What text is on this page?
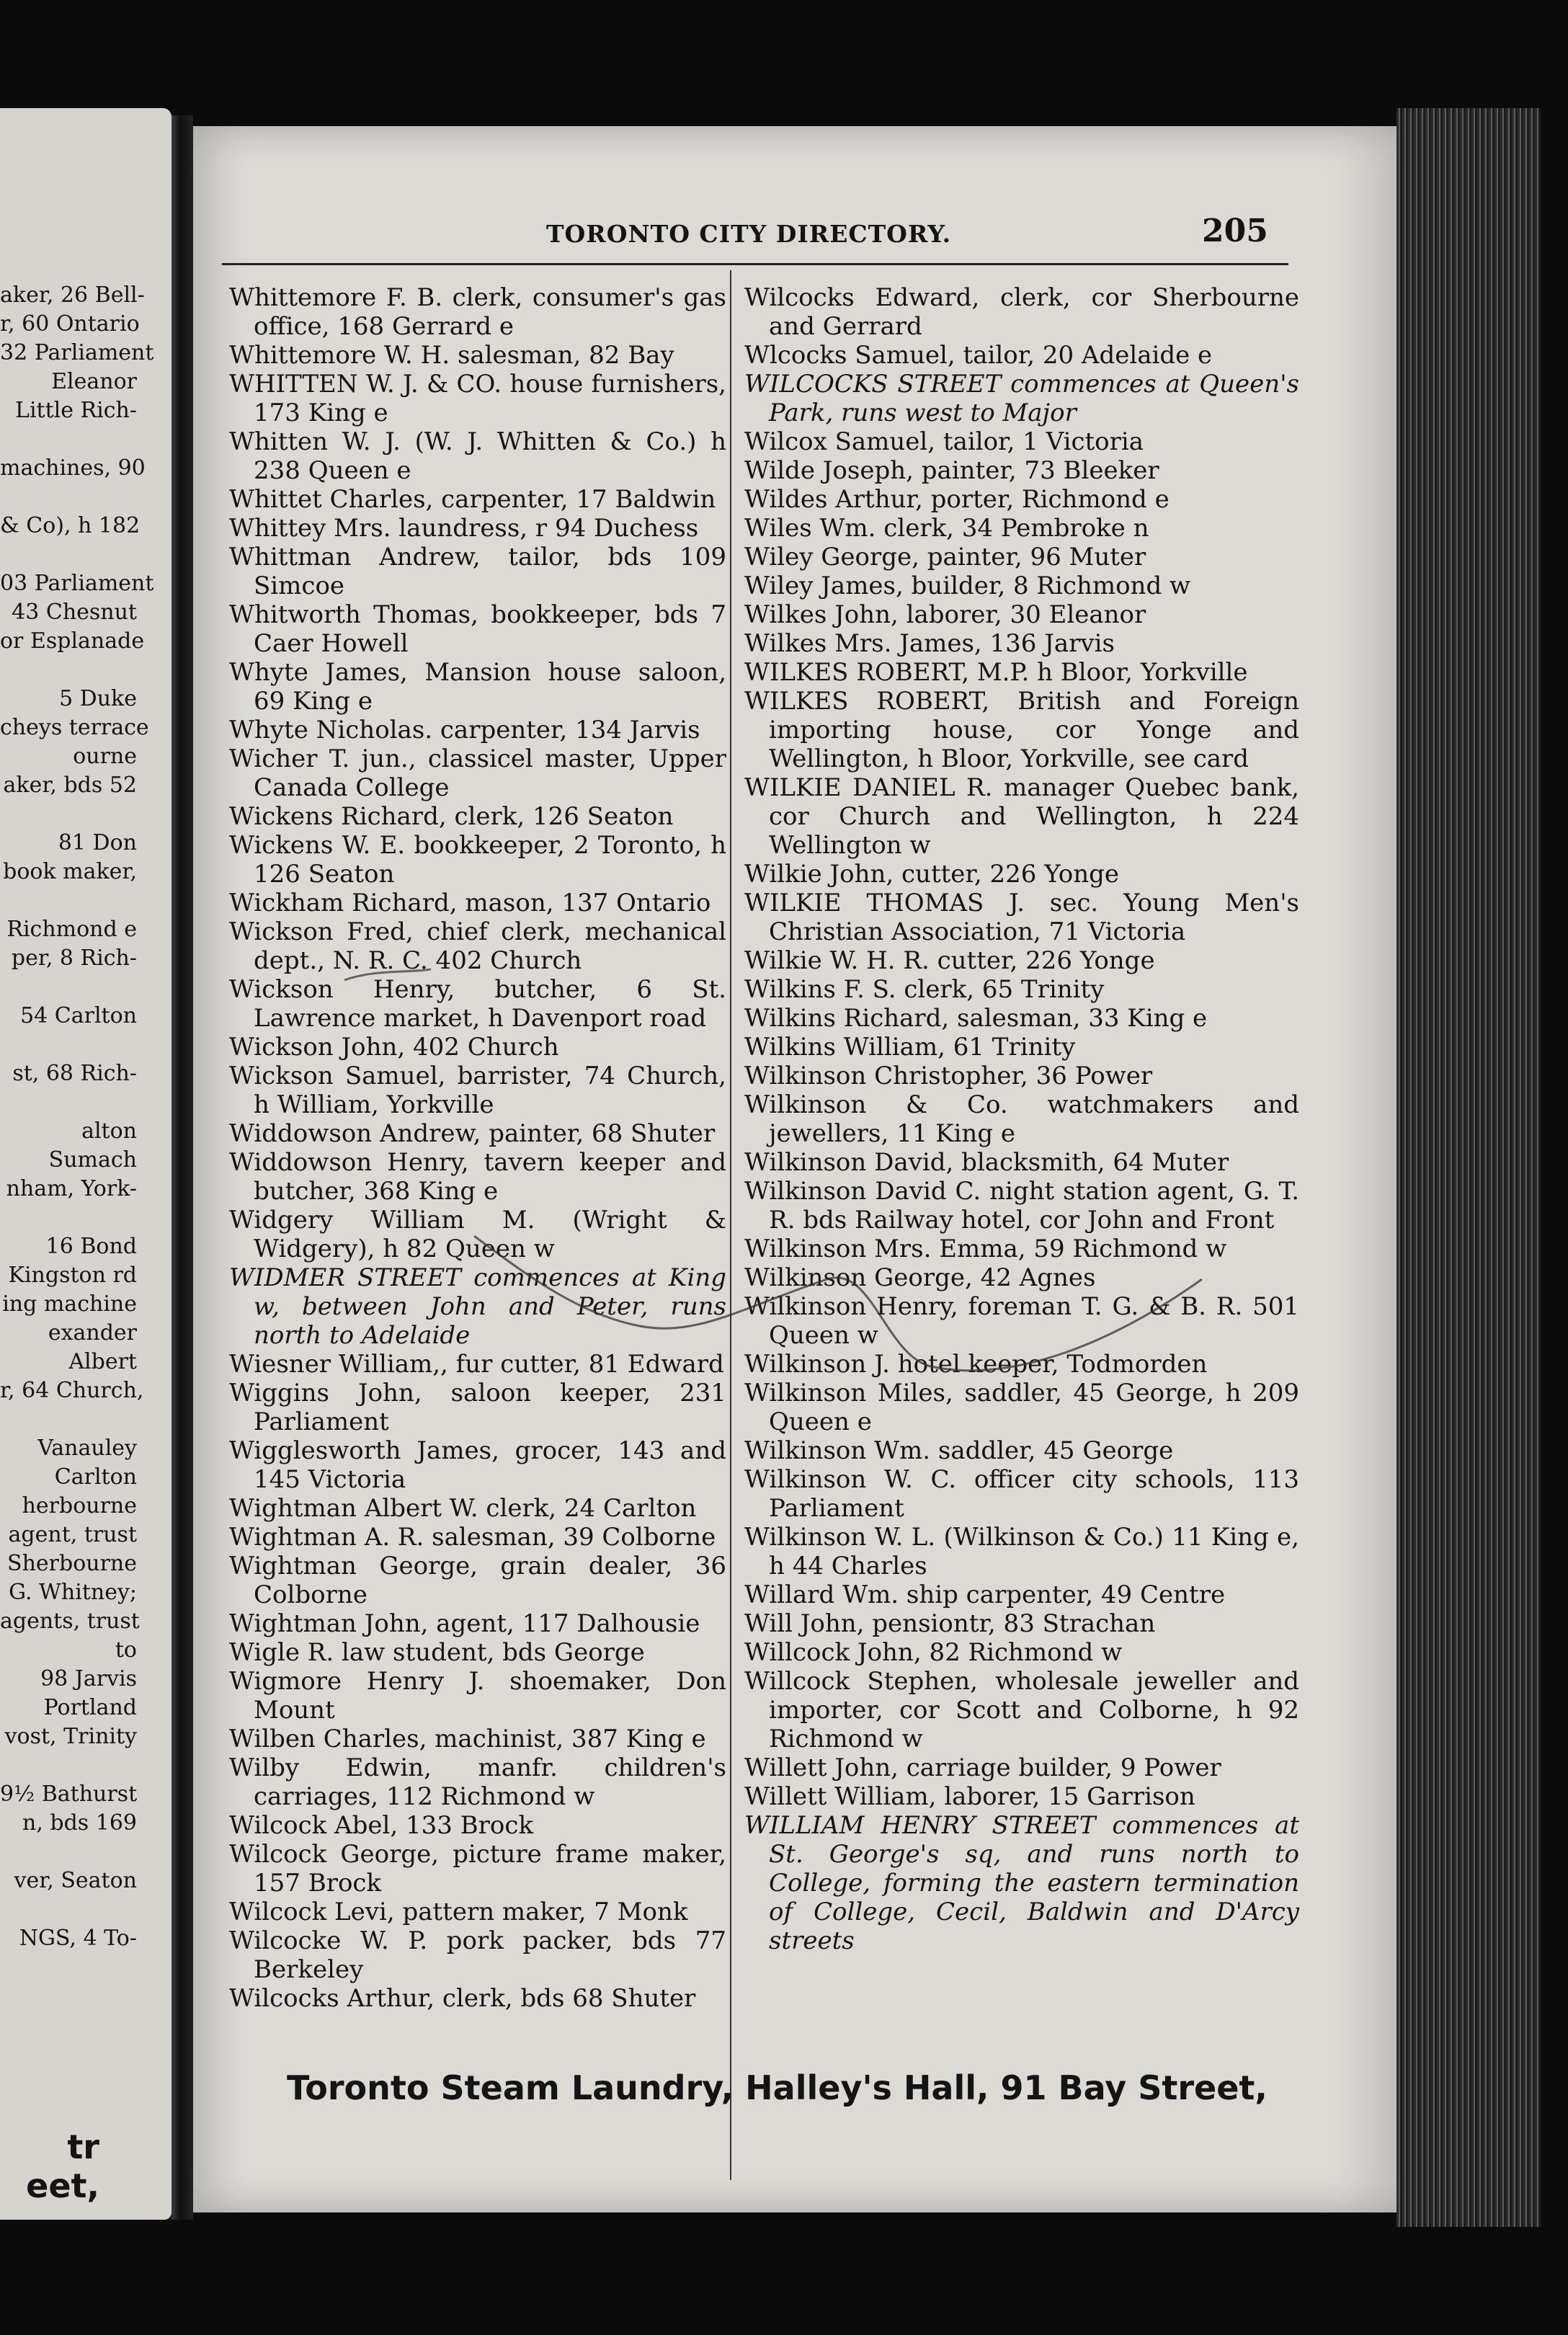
aker, 26 Bell-
r, 60 Ontario
32 Parliament
Eleanor
Little Rich-
machines, 90
& Co), h 182
03 Parliament
43 Chesnut
or Esplanade
5 Duke
cheys terrace
ourne
aker, bds 52
81 Don
book maker,
Richmond e
per, 8 Rich-
54 Carlton
st, 68 Rich-
alton
Sumach
nham, York-
16 Bond
Kingston rd
ing machine
exander
Albert
r, 64 Church,
Vanauley
Carlton
herbourne
agent, trust
Sherbourne
G. Whitney;
agents, trust
to
98 Jarvis
Portland
vost, Trinity
9½ Bathurst
n, bds 169
ver, Seaton
NGS, 4 To-
tr eet,
TORONTO CITY DIRECTORY.	205

Whittemore F. B. clerk, consumer's gas office, 168 Gerrard e

Whittemore W. H. salesman, 82 Bay

WHITTEN W. J. & CO. house furnishers, 173 King e

Whitten W. J. (W. J. Whitten & Co.) h 238 Queen e

Whittet Charles, carpenter, 17 Baldwin

Whittey Mrs. laundress, r 94 Duchess

Whittman Andrew, tailor, bds 109 Simcoe

Whitworth Thomas, bookkeeper, bds 7 Caer Howell

Whyte James, Mansion house saloon, 69 King e

Whyte Nicholas. carpenter, 134 Jarvis

Wicher T. jun., classicel master, Upper Canada College

Wickens Richard, clerk, 126 Seaton

Wickens W. E. bookkeeper, 2 Toronto, h 126 Seaton

Wickham Richard, mason, 137 Ontario

Wickson Fred, chief clerk, mechanical dept., N. R. C. 402 Church

Wickson Henry, butcher, 6 St. Lawrence market, h Davenport road

Wickson John, 402 Church

Wickson Samuel, barrister, 74 Church, h William, Yorkville

Widdowson Andrew, painter, 68 Shuter

Widdowson Henry, tavern keeper and butcher, 368 King e

Widgery William M. (Wright & Widgery), h 82 Queen w

WIDMER STREET commences at King w, between John and Peter, runs north to Adelaide

Wiesner William,, fur cutter, 81 Edward

Wiggins John, saloon keeper, 231 Parliament

Wigglesworth James, grocer, 143 and 145 Victoria

Wightman Albert W. clerk, 24 Carlton

Wightman A. R. salesman, 39 Colborne

Wightman George, grain dealer, 36 Colborne

Wightman John, agent, 117 Dalhousie

Wigle R. law student, bds George

Wigmore Henry J. shoemaker, Don Mount

Wilben Charles, machinist, 387 King e

Wilby Edwin, manfr. children's carriages, 112 Richmond w

Wilcock Abel, 133 Brock

Wilcock George, picture frame maker, 157 Brock

Wilcock Levi, pattern maker, 7 Monk

Wilcocke W. P. pork packer, bds 77 Berkeley

Wilcocks Arthur, clerk, bds 68 Shuter

Wilcocks Edward, clerk, cor Sherbourne and Gerrard

Wlcocks Samuel, tailor, 20 Adelaide e

WILCOCKS STREET commences at Queen's Park, runs west to Major

Wilcox Samuel, tailor, 1 Victoria

Wilde Joseph, painter, 73 Bleeker

Wildes Arthur, porter, Richmond e

Wiles Wm. clerk, 34 Pembroke n

Wiley George, painter, 96 Muter

Wiley James, builder, 8 Richmond w

Wilkes John, laborer, 30 Eleanor

Wilkes Mrs. James, 136 Jarvis

WILKES ROBERT, M.P. h Bloor, Yorkville

WILKES ROBERT, British and Foreign importing house, cor Yonge and Wellington, h Bloor, Yorkville, see card

WILKIE DANIEL R. manager Quebec bank, cor Church and Wellington, h 224 Wellington w

Wilkie John, cutter, 226 Yonge

WILKIE THOMAS J. sec. Young Men's Christian Association, 71 Victoria

Wilkie W. H. R. cutter, 226 Yonge

Wilkins F. S. clerk, 65 Trinity

Wilkins Richard, salesman, 33 King e

Wilkins William, 61 Trinity

Wilkinson Christopher, 36 Power

Wilkinson & Co. watchmakers and jewellers, 11 King e

Wilkinson David, blacksmith, 64 Muter

Wilkinson David C. night station agent, G. T. R. bds Railway hotel, cor John and Front

Wilkinson Mrs. Emma, 59 Richmond w

Wilkinson George, 42 Agnes

Wilkinson Henry, foreman T. G. & B. R. 501 Queen w

Wilkinson J. hotel keeper, Todmorden

Wilkinson Miles, saddler, 45 George, h 209 Queen e

Wilkinson Wm. saddler, 45 George

Wilkinson W. C. officer city schools, 113 Parliament

Wilkinson W. L. (Wilkinson & Co.) 11 King e, h 44 Charles

Willard Wm. ship carpenter, 49 Centre

Will John, pensiontr, 83 Strachan

Willcock John, 82 Richmond w

Willcock Stephen, wholesale jeweller and importer, cor Scott and Colborne, h 92 Richmond w

Willett John, carriage builder, 9 Power

Willett William, laborer, 15 Garrison

WILLIAM HENRY STREET commences at St. George's sq, and runs north to College, forming the eastern termination of College, Cecil, Baldwin and D'Arcy streets

Toronto Steam Laundry, Halley's Hall, 91 Bay Street,
